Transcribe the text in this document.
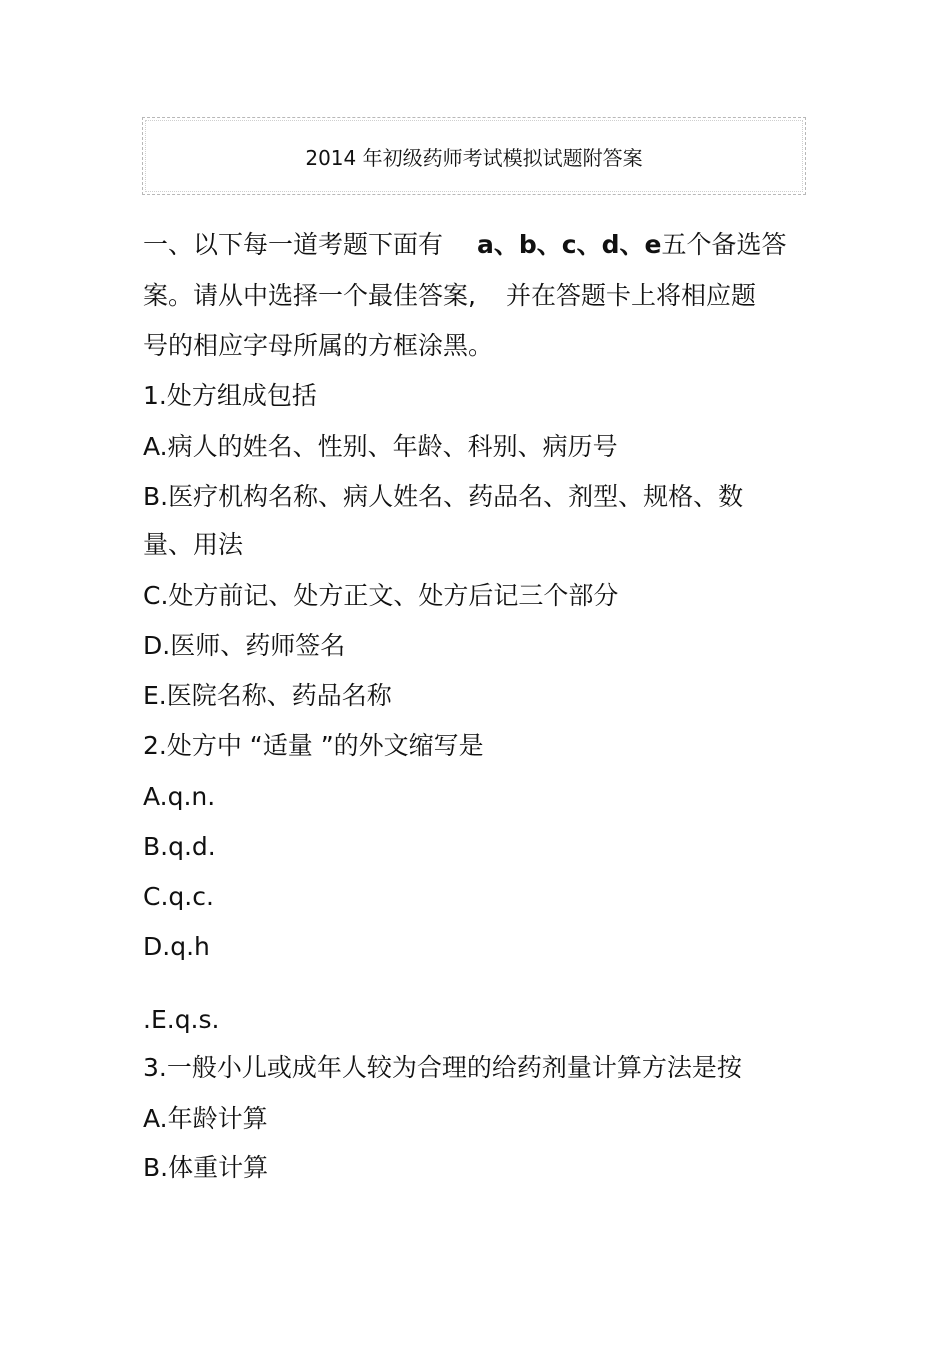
2014 年初级药师考试模拟试题附答案
一、以下每一道考题下面有 a、b、c、d、e五个备选答
案。请从中选择一个最佳答案, 并在答题卡上将相应题
号的相应字母所属的方框涂黑。
1.处方组成包括
A.病人的姓名、性别、年龄、科别、病历号
B.医疗机构名称、病人姓名、药品名、剂型、规格、数
量、用法
C.处方前记、处方正文、处方后记三个部分
D.医师、药师签名
E.医院名称、药品名称
2.处方中 “适量 ”的外文缩写是
A.q.n.
B.q.d.
C.q.c.
D.q.h
.E.q.s.
3.一般小儿或成年人较为合理的给药剂量计算方法是按
A.年龄计算
B.体重计算
